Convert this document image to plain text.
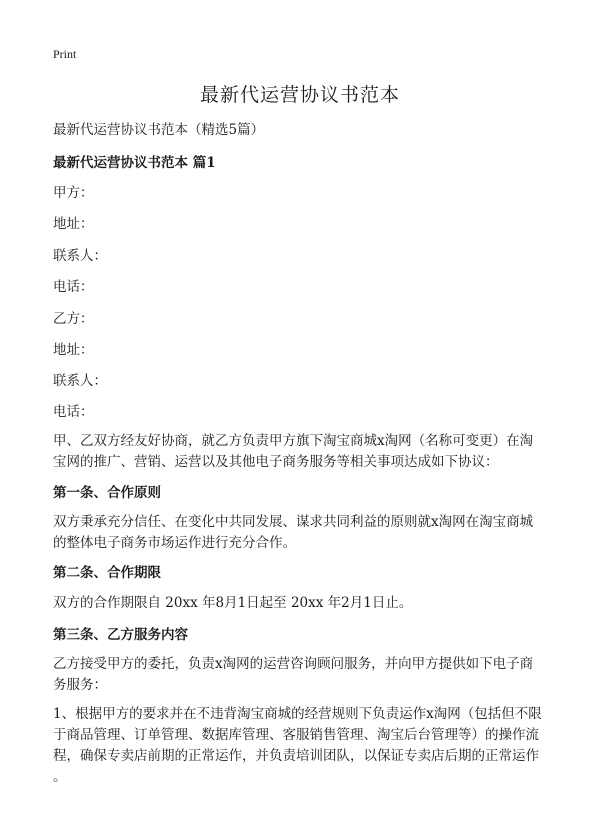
Print
最新代运营协议书范本
最新代运营协议书范本（精选5篇）
最新代运营协议书范本 篇1
甲方：
地址：
联系人：
电话：
乙方：
地址：
联系人：
电话：
甲、乙双方经友好协商，就乙方负责甲方旗下淘宝商城x淘网（名称可变更）在淘
宝网的推广、营销、运营以及其他电子商务服务等相关事项达成如下协议：
第一条、合作原则
双方秉承充分信任、在变化中共同发展、谋求共同利益的原则就x淘网在淘宝商城
的整体电子商务市场运作进行充分合作。
第二条、合作期限
双方的合作期限自 20xx 年8月1日起至 20xx 年2月1日止。
第三条、乙方服务内容
乙方接受甲方的委托，负责x淘网的运营咨询顾问服务，并向甲方提供如下电子商
务服务：
1、根据甲方的要求并在不违背淘宝商城的经营规则下负责运作x淘网（包括但不限
于商品管理、订单管理、数据库管理、客服销售管理、淘宝后台管理等）的操作流
程，确保专卖店前期的正常运作，并负责培训团队，以保证专卖店后期的正常运作
。
